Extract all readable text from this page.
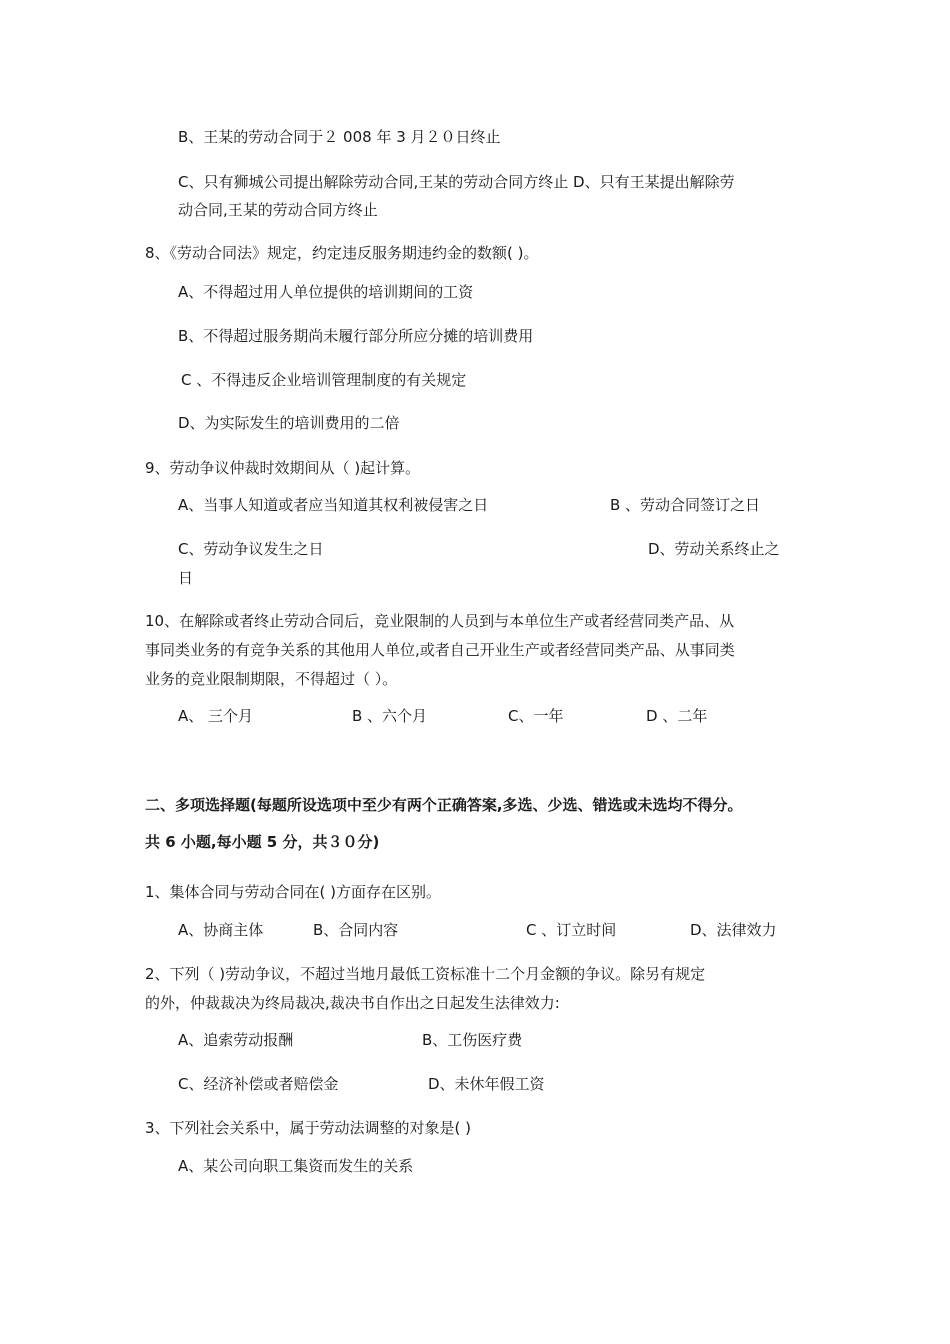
B、王某的劳动合同于２ 008 年 3 月２０日终止
C、只有狮城公司提出解除劳动合同,王某的劳动合同方终止 D、只有王某提出解除劳
动合同,王某的劳动合同方终止
8、《劳动合同法》规定，约定违反服务期违约金的数额( )。
A、不得超过用人单位提供的培训期间的工资
B、不得超过服务期尚未履行部分所应分摊的培训费用
C 、不得违反企业培训管理制度的有关规定
D、为实际发生的培训费用的二倍
9、劳动争议仲裁时效期间从（ )起计算。
A、当事人知道或者应当知道其权利被侵害之日	B 、劳动合同签订之日
C、劳动争议发生之日	D、劳动关系终止之
日
10、在解除或者终止劳动合同后，竞业限制的人员到与本单位生产或者经营同类产品、从
事同类业务的有竞争关系的其他用人单位,或者自己开业生产或者经营同类产品、从事同类
业务的竞业限制期限，不得超过（ ）。
A、 三个月	B 、六个月	C、一年	D 、二年
二、多项选择题(每题所设选项中至少有两个正确答案,多选、少选、错选或未选均不得分。
共 6 小题,每小题 5 分，共３０分)
1、集体合同与劳动合同在( )方面存在区别。
A、协商主体	B、合同内容	C 、订立时间	D、法律效力
2、下列（ )劳动争议，不超过当地月最低工资标准十二个月金额的争议。除另有规定
的外，仲裁裁决为终局裁决,裁决书自作出之日起发生法律效力:
A、追索劳动报酬	B、工伤医疗费
C、经济补偿或者赔偿金	D、未休年假工资
3、下列社会关系中，属于劳动法调整的对象是( )
A、某公司向职工集资而发生的关系
